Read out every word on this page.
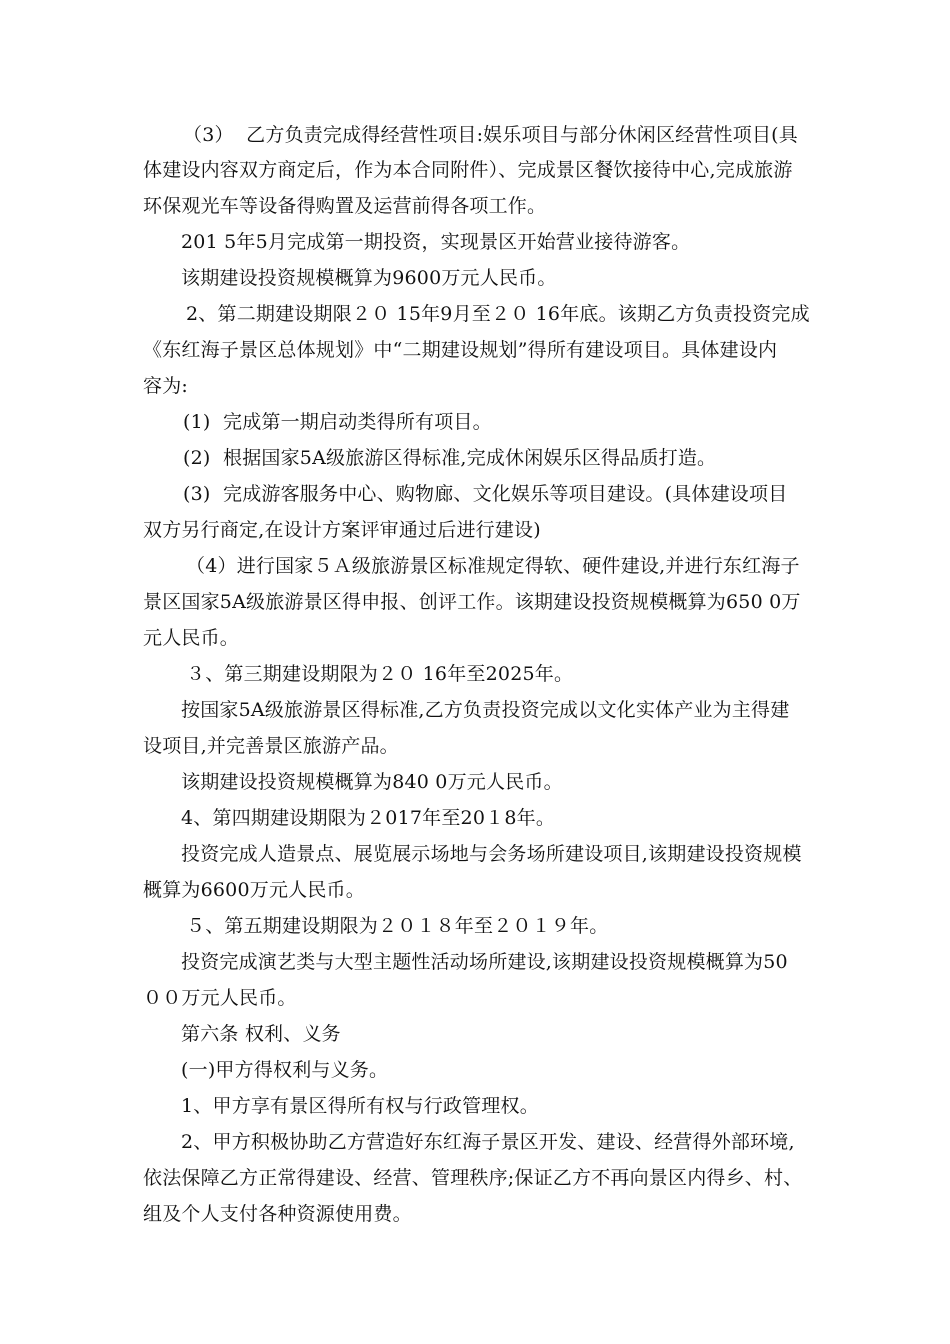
（3）  乙方负责完成得经营性项目:娱乐项目与部分休闲区经营性项目(具
体建设内容双方商定后，作为本合同附件）、完成景区餐饮接待中心,完成旅游
环保观光车等设备得购置及运营前得各项工作。
201 5年5月完成第一期投资，实现景区开始营业接待游客。
该期建设投资规模概算为9600万元人民币。
2、第二期建设期限２０ 15年9月至２０ 16年底。该期乙方负责投资完成
《东红海子景区总体规划》中“二期建设规划”得所有建设项目。具体建设内
容为:
(1)  完成第一期启动类得所有项目。
(2)  根据国家5A级旅游区得标准,完成休闲娱乐区得品质打造。
(3)  完成游客服务中心、购物廊、文化娱乐等项目建设。(具体建设项目
双方另行商定,在设计方案评审通过后进行建设)
（4）进行国家５Ａ级旅游景区标准规定得软、硬件建设,并进行东红海子
景区国家5A级旅游景区得申报、创评工作。该期建设投资规模概算为650 0万
元人民币。
３、第三期建设期限为２０ 16年至2025年。
按国家5A级旅游景区得标准,乙方负责投资完成以文化实体产业为主得建
设项目,并完善景区旅游产品。
该期建设投资规模概算为840 0万元人民币。
4、第四期建设期限为２017年至20１8年。
投资完成人造景点、展览展示场地与会务场所建设项目,该期建设投资规模
概算为6600万元人民币。
５、第五期建设期限为２０１８年至２０１９年。
投资完成演艺类与大型主题性活动场所建设,该期建设投资规模概算为50
００万元人民币。
第六条 权利、义务
(一)甲方得权利与义务。
1、甲方享有景区得所有权与行政管理权。
2、甲方积极协助乙方营造好东红海子景区开发、建设、经营得外部环境,
依法保障乙方正常得建设、经营、管理秩序;保证乙方不再向景区内得乡、村、
组及个人支付各种资源使用费。
